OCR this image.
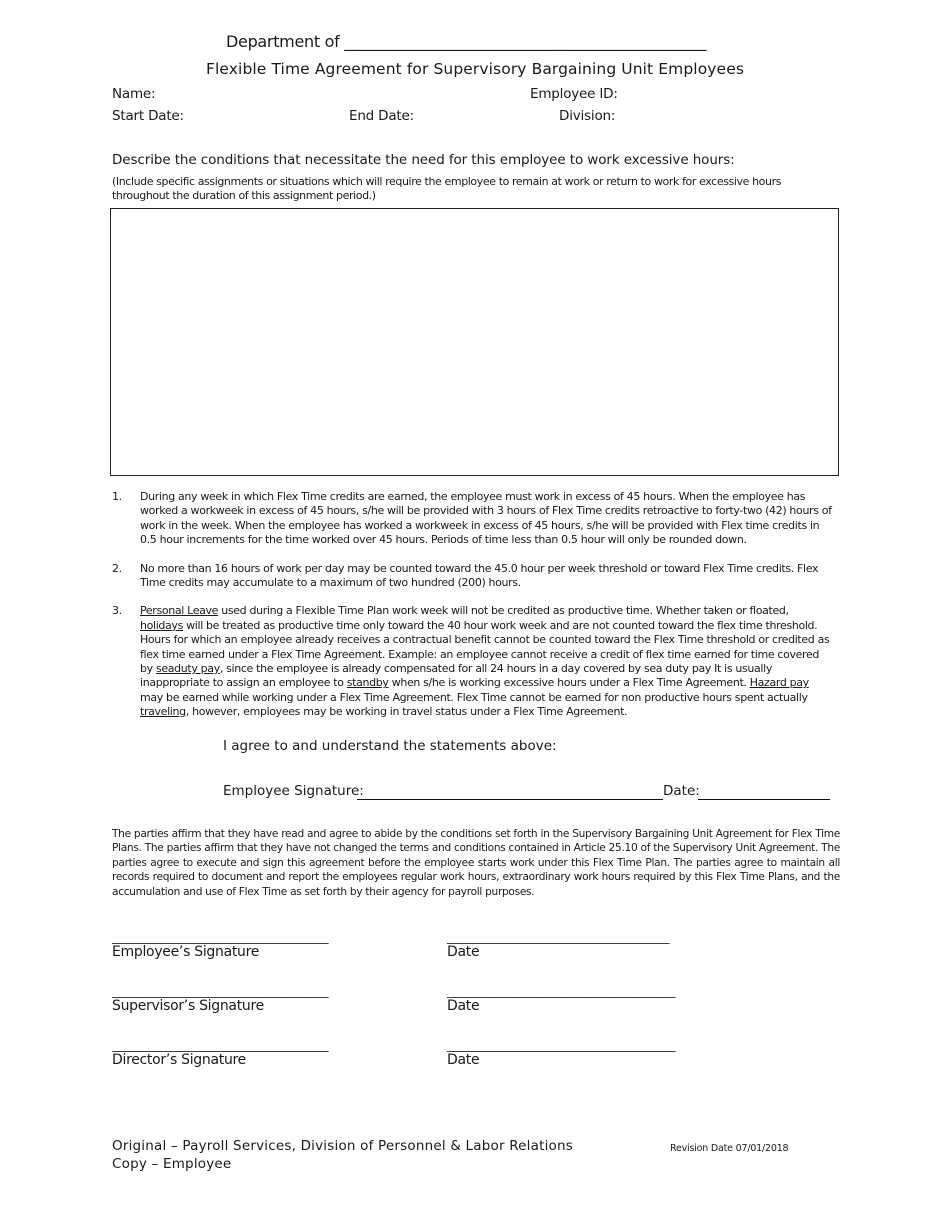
Department of _______________________________________________
Flexible Time Agreement for Supervisory Bargaining Unit Employees
Name:	Employee ID:
Start Date:	End Date:	Division:
Describe the conditions that necessitate the need for this employee to work excessive hours:
(Include specific assignments or situations which will require the employee to remain at work or return to work for excessive hours throughout the duration of this assignment period.)
1.	During any week in which Flex Time credits are earned, the employee must work in excess of 45 hours. When the employee has worked a workweek in excess of 45 hours, s/he will be provided with 3 hours of Flex Time credits retroactive to forty-two (42) hours of work in the week. When the employee has worked a workweek in excess of 45 hours, s/he will be provided with Flex time credits in 0.5 hour increments for the time worked over 45 hours. Periods of time less than 0.5 hour will only be rounded down.
2.	No more than 16 hours of work per day may be counted toward the 45.0 hour per week threshold or toward Flex Time credits. Flex Time credits may accumulate to a maximum of two hundred (200) hours.
3.	Personal Leave used during a Flexible Time Plan work week will not be credited as productive time. Whether taken or floated, holidays will be treated as productive time only toward the 40 hour work week and are not counted toward the flex time threshold. Hours for which an employee already receives a contractual benefit cannot be counted toward the Flex Time threshold or credited as flex time earned under a Flex Time Agreement. Example: an employee cannot receive a credit of flex time earned for time covered by seaduty pay, since the employee is already compensated for all 24 hours in a day covered by sea duty pay It is usually inappropriate to assign an employee to standby when s/he is working excessive hours under a Flex Time Agreement. Hazard pay may be earned while working under a Flex Time Agreement. Flex Time cannot be earned for non productive hours spent actually traveling, however, employees may be working in travel status under a Flex Time Agreement.
I agree to and understand the statements above:
Employee Signature:	Date:
The parties affirm that they have read and agree to abide by the conditions set forth in the Supervisory Bargaining Unit Agreement for Flex Time Plans. The parties affirm that they have not changed the terms and conditions contained in Article 25.10 of the Supervisory Unit Agreement. The parties agree to execute and sign this agreement before the employee starts work under this Flex Time Plan. The parties agree to maintain all records required to document and report the employees regular work hours, extraordinary work hours required by this Flex Time Plans, and the accumulation and use of Flex Time as set forth by their agency for payroll purposes.
____________________________________	_____________________________________
Employee’s Signature	Date
____________________________________	______________________________________
Supervisor’s Signature	Date
____________________________________	______________________________________
Director’s Signature	Date
Original – Payroll Services, Division of Personnel & Labor Relations
Copy – Employee
Revision Date 07/01/2018
